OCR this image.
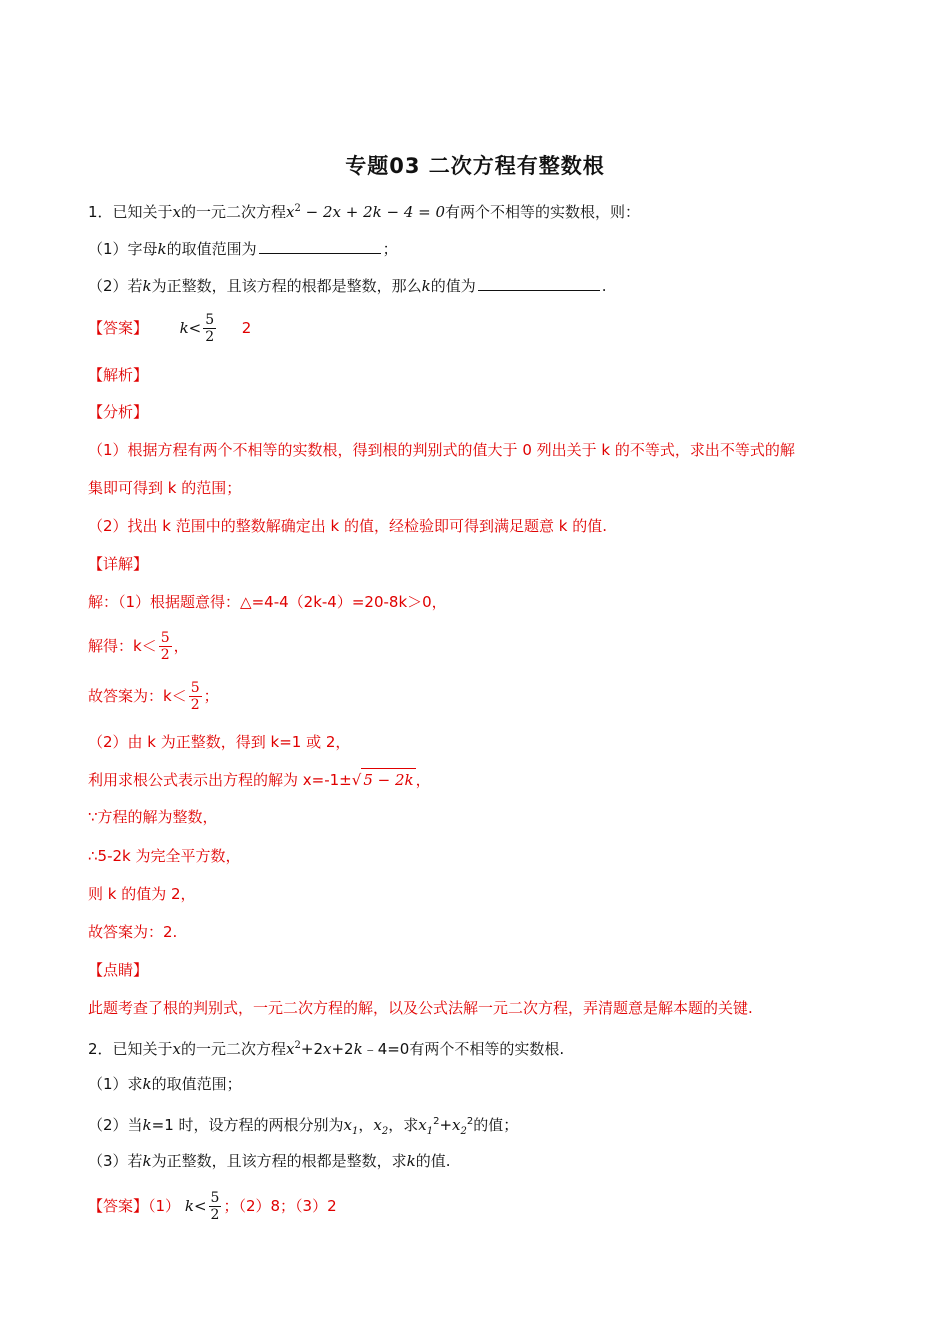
专题03 二次方程有整数根
1．已知关于x的一元二次方程$x^2 - 2x + 2k - 4 = 0$有两个不相等的实数根，则：
（1）字母k的取值范围为	；
（2）若k为正整数，且该方程的根都是整数，那么k的值为	.
【答案】 $k< \frac{5}{2} 2$
【解析】
【分析】
（1）根据方程有两个不相等的实数根，得到根的判别式的值大于 0 列出关于 k 的不等式，求出不等式的解
集即可得到 k 的范围；
（2）找出 k 范围中的整数解确定出 k 的值，经检验即可得到满足题意 k 的值.
【详解】
解：（1）根据题意得：△=4-4（2k-4）=20-8k＞0，
解得：$k< \frac{5}{2}$ ，
故答案为：$k< \frac{5}{2}$ ；
（2）由 k 为正整数，得到 k=1 或 2，
利用求根公式表示出方程的解为 x=-1± √ 5 − 2k ，
∵方程的解为整数，
∴5-2k 为完全平方数，
则 k 的值为 2，
故答案为：2.
【点睛】
此题考查了根的判别式，一元二次方程的解，以及公式法解一元二次方程，弄清题意是解本题的关键.
2．已知关于x的一元二次方程$x^2+2x+2k﹣4=0$有两个不相等的实数根.
（1）求k的取值范围；
（2）当k=1 时，设方程的两根分别为$x_1$，$x_2$，求$x_1^2+x_2^2$的值；
（3）若k为正整数，且该方程的根都是整数，求k的值.
【答案】（1） $k< \frac{5}{2}$ ；（2）8；（3）2
